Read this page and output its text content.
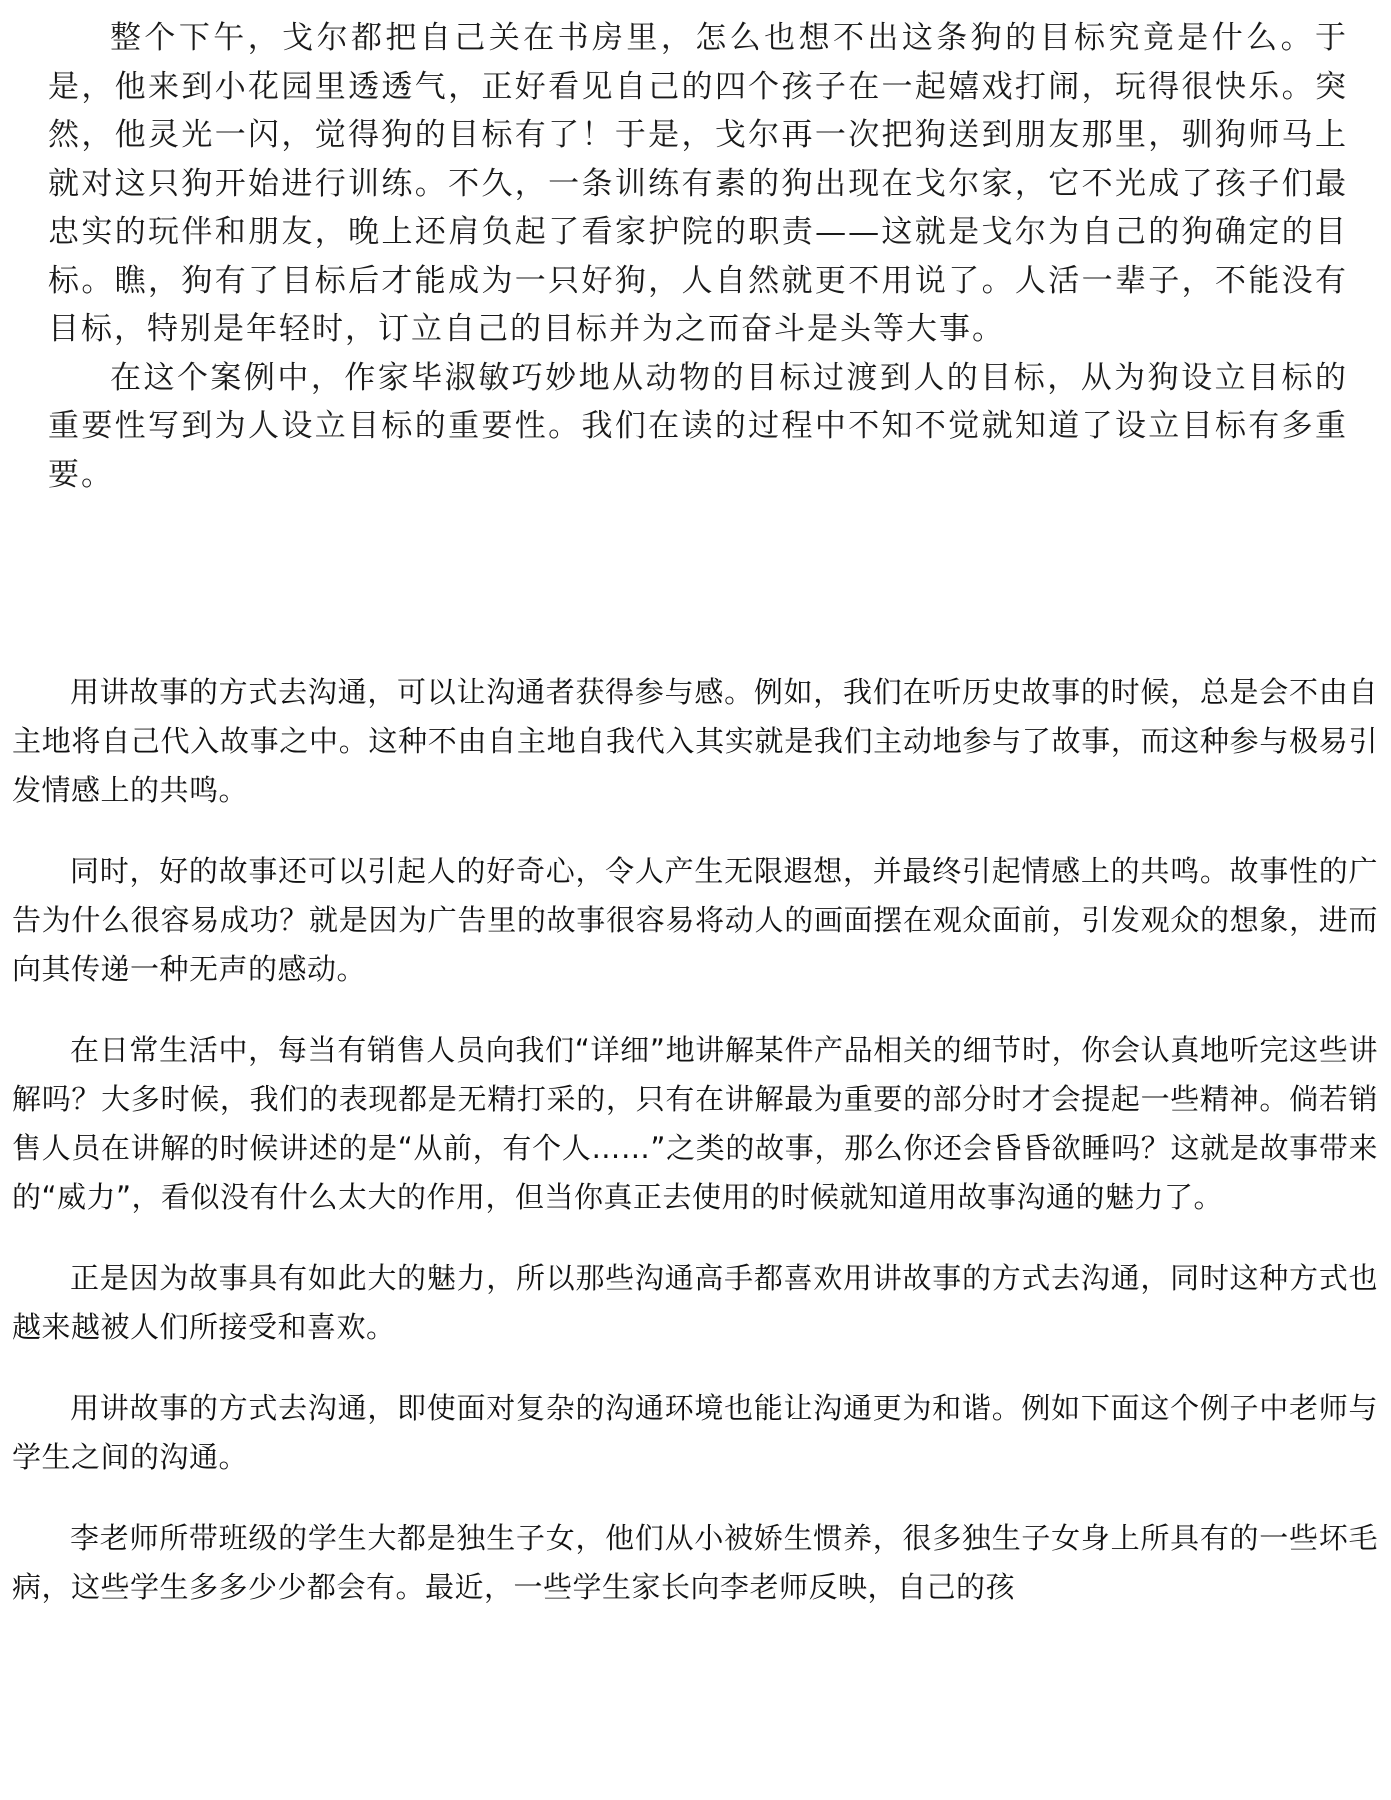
整个下午，戈尔都把自己关在书房里，怎么也想不出这条狗的目标究竟是什么。于是，他来到小花园里透透气，正好看见自己的四个孩子在一起嬉戏打闹，玩得很快乐。突然，他灵光一闪，觉得狗的目标有了！于是，戈尔再一次把狗送到朋友那里，驯狗师马上就对这只狗开始进行训练。不久，一条训练有素的狗出现在戈尔家，它不光成了孩子们最忠实的玩伴和朋友，晚上还肩负起了看家护院的职责——这就是戈尔为自己的狗确定的目标。瞧，狗有了目标后才能成为一只好狗，人自然就更不用说了。人活一辈子，不能没有目标，特别是年轻时，订立自己的目标并为之而奋斗是头等大事。

在这个案例中，作家毕淑敏巧妙地从动物的目标过渡到人的目标，从为狗设立目标的重要性写到为人设立目标的重要性。我们在读的过程中不知不觉就知道了设立目标有多重要。

用讲故事的方式去沟通，可以让沟通者获得参与感。例如，我们在听历史故事的时候，总是会不由自主地将自己代入故事之中。这种不由自主地自我代入其实就是我们主动地参与了故事，而这种参与极易引发情感上的共鸣。

同时，好的故事还可以引起人的好奇心，令人产生无限遐想，并最终引起情感上的共鸣。故事性的广告为什么很容易成功？就是因为广告里的故事很容易将动人的画面摆在观众面前，引发观众的想象，进而向其传递一种无声的感动。

在日常生活中，每当有销售人员向我们“详细”地讲解某件产品相关的细节时，你会认真地听完这些讲解吗？大多时候，我们的表现都是无精打采的，只有在讲解最为重要的部分时才会提起一些精神。倘若销售人员在讲解的时候讲述的是“从前，有个人……”之类的故事，那么你还会昏昏欲睡吗？这就是故事带来的“威力”，看似没有什么太大的作用，但当你真正去使用的时候就知道用故事沟通的魅力了。

正是因为故事具有如此大的魅力，所以那些沟通高手都喜欢用讲故事的方式去沟通，同时这种方式也越来越被人们所接受和喜欢。

用讲故事的方式去沟通，即使面对复杂的沟通环境也能让沟通更为和谐。例如下面这个例子中老师与学生之间的沟通。

李老师所带班级的学生大都是独生子女，他们从小被娇生惯养，很多独生子女身上所具有的一些坏毛病，这些学生多多少少都会有。最近，一些学生家长向李老师反映，自己的孩
